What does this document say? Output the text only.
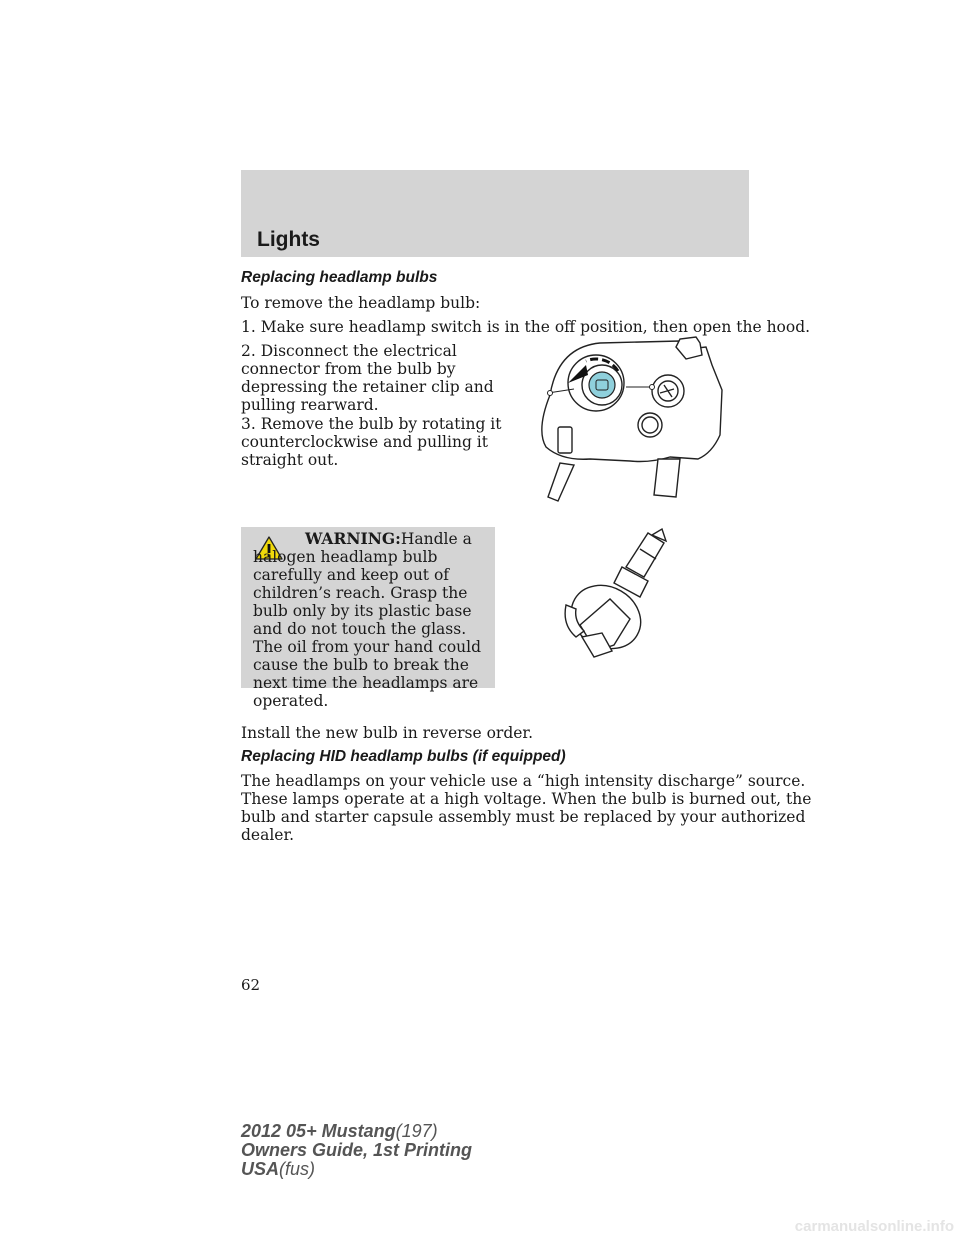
Lights
Replacing headlamp bulbs
To remove the headlamp bulb:
1. Make sure headlamp switch is in the off position, then open the hood.
2. Disconnect the electrical
connector from the bulb by
depressing the retainer clip and
pulling rearward.
3. Remove the bulb by rotating it
counterclockwise and pulling it
straight out.
WARNING:Handle a halogen headlamp bulb carefully and keep out of children’s reach. Grasp the bulb only by its plastic base and do not touch the glass. The oil from your hand could cause the bulb to break the next time the headlamps are operated.
Install the new bulb in reverse order.
Replacing HID headlamp bulbs (if equipped)
The headlamps on your vehicle use a “high intensity discharge” source.
These lamps operate at a high voltage. When the bulb is burned out, the
bulb and starter capsule assembly must be replaced by your authorized
dealer.
62
2012 05+ Mustang(197)
Owners Guide, 1st Printing
USA(fus)
carmanualsonline.info
